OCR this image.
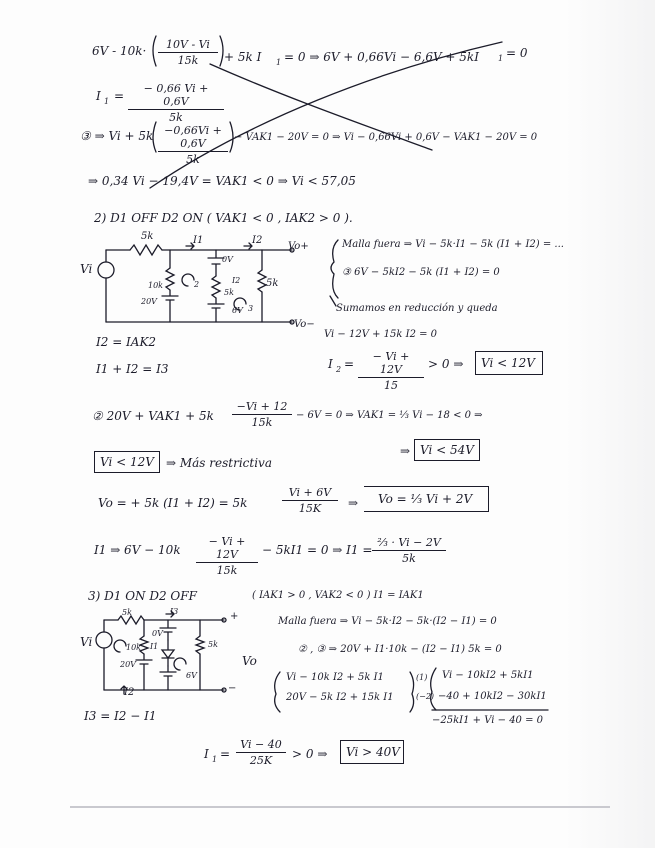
$6V - 10k\cdot \frac{10V - Vi}{15k} + 5k$ I 1 = 0 ⇒ 6V + 0,66Vi − 6,6V + 5kI 1 = 0
I $1 = \frac{- 0,66 Vi + 0,6V}{5k}$
③ ⇒ $Vi + 5k \frac{-0,66Vi + 0,6V}{5k} - VAK1 - 20V = 0$ ⇒ Vi − 0,66Vi + 0,6V − VAK1 − 20V = 0
⇒ 0,34 Vi − 19,4V = VAK1 < 0 ⇒ Vi < 57,05
2) D1 OFF D2 ON ( VAK1 < 0 , IAK2 > 0 ).
5k	I1	I2
Vo+
Vi
10k
20V
0V
I2
5k
5k
6V
2
3
Vo−
Malla fuera ⇒ Vi − 5k·I1 − 5k (I1 + I2) = ...
③ 6V − 5kI2 − 5k (I1 + I2) = 0
Sumamos en reducción y queda
Vi − 12V + 15k I2 = 0
I2 = IAK2
I1 + I2 = I3	I $2 = \frac{- Vi + 12V}{15} > 0$ ⇒ Vi < 12V
② $20V + VAK1 + 5k \frac{-Vi + 12}{15k} - 6V = 0$ ⇒ VAK1 = ⅓ Vi − 18 < 0 ⇒
⇒ Vi < 54V
Vi < 12V ⇒ Más restrictiva
Vo = + 5k (I1 + I2) = 5k	$\frac{Vi + 6V}{15K}$ ⇒ Vo = ⅓ Vi + 2V
I1 ⇒ $6V - 10k \frac{- Vi + 12V}{15k} - 5kI1 = 0$ ⇒ $I1 = \frac{\text{⅔ · Vi − 2V}}{5k}$
3) D1 ON D2 OFF	( IAK1 > 0 , VAK2 < 0 ) I1 = IAK1
5k	I3
Vi	10k
20V
I1
0V
5k
6V
I2
+
−
Vo
Malla fuera ⇒ Vi − 5k·I2 − 5k·(I2 − I1) = 0
② , ③ ⇒ 20V + I1·10k − (I2 − I1) 5k = 0
Vi − 10k I2 + 5k I1
20V − 5k I2 + 15k I1
(1)
(−2)
Vi − 10kI2 + 5kI1
−40 + 10kI2 − 30kI1
−25kI1 + Vi − 40 = 0
I3 = I2 − I1
I $1 = \frac{Vi - 40}{25K} > 0$ ⇒ Vi > 40V
